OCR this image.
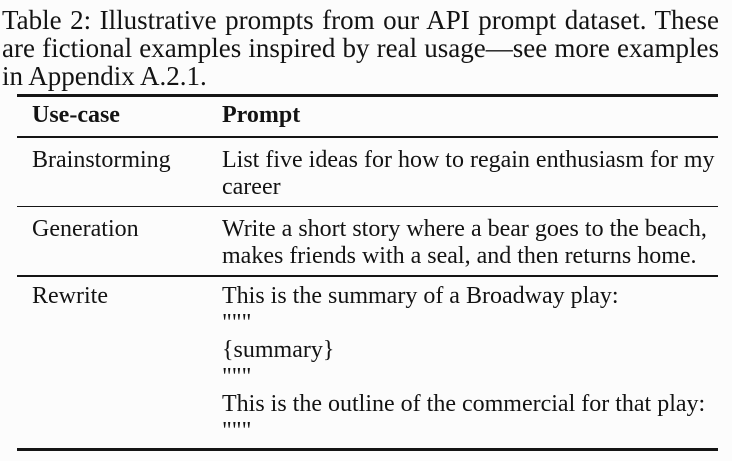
Table 2: Illustrative prompts from our API prompt dataset. These are fictional examples inspired by real usage—see more examples in Appendix A.2.1.

Use-case	Prompt
Brainstorming	List five ideas for how to regain enthusiasm for my career
Generation	Write a short story where a bear goes to the beach, makes friends with a seal, and then returns home.
Rewrite	This is the summary of a Broadway play:
"""
{summary}
"""
This is the outline of the commercial for that play:
"""
